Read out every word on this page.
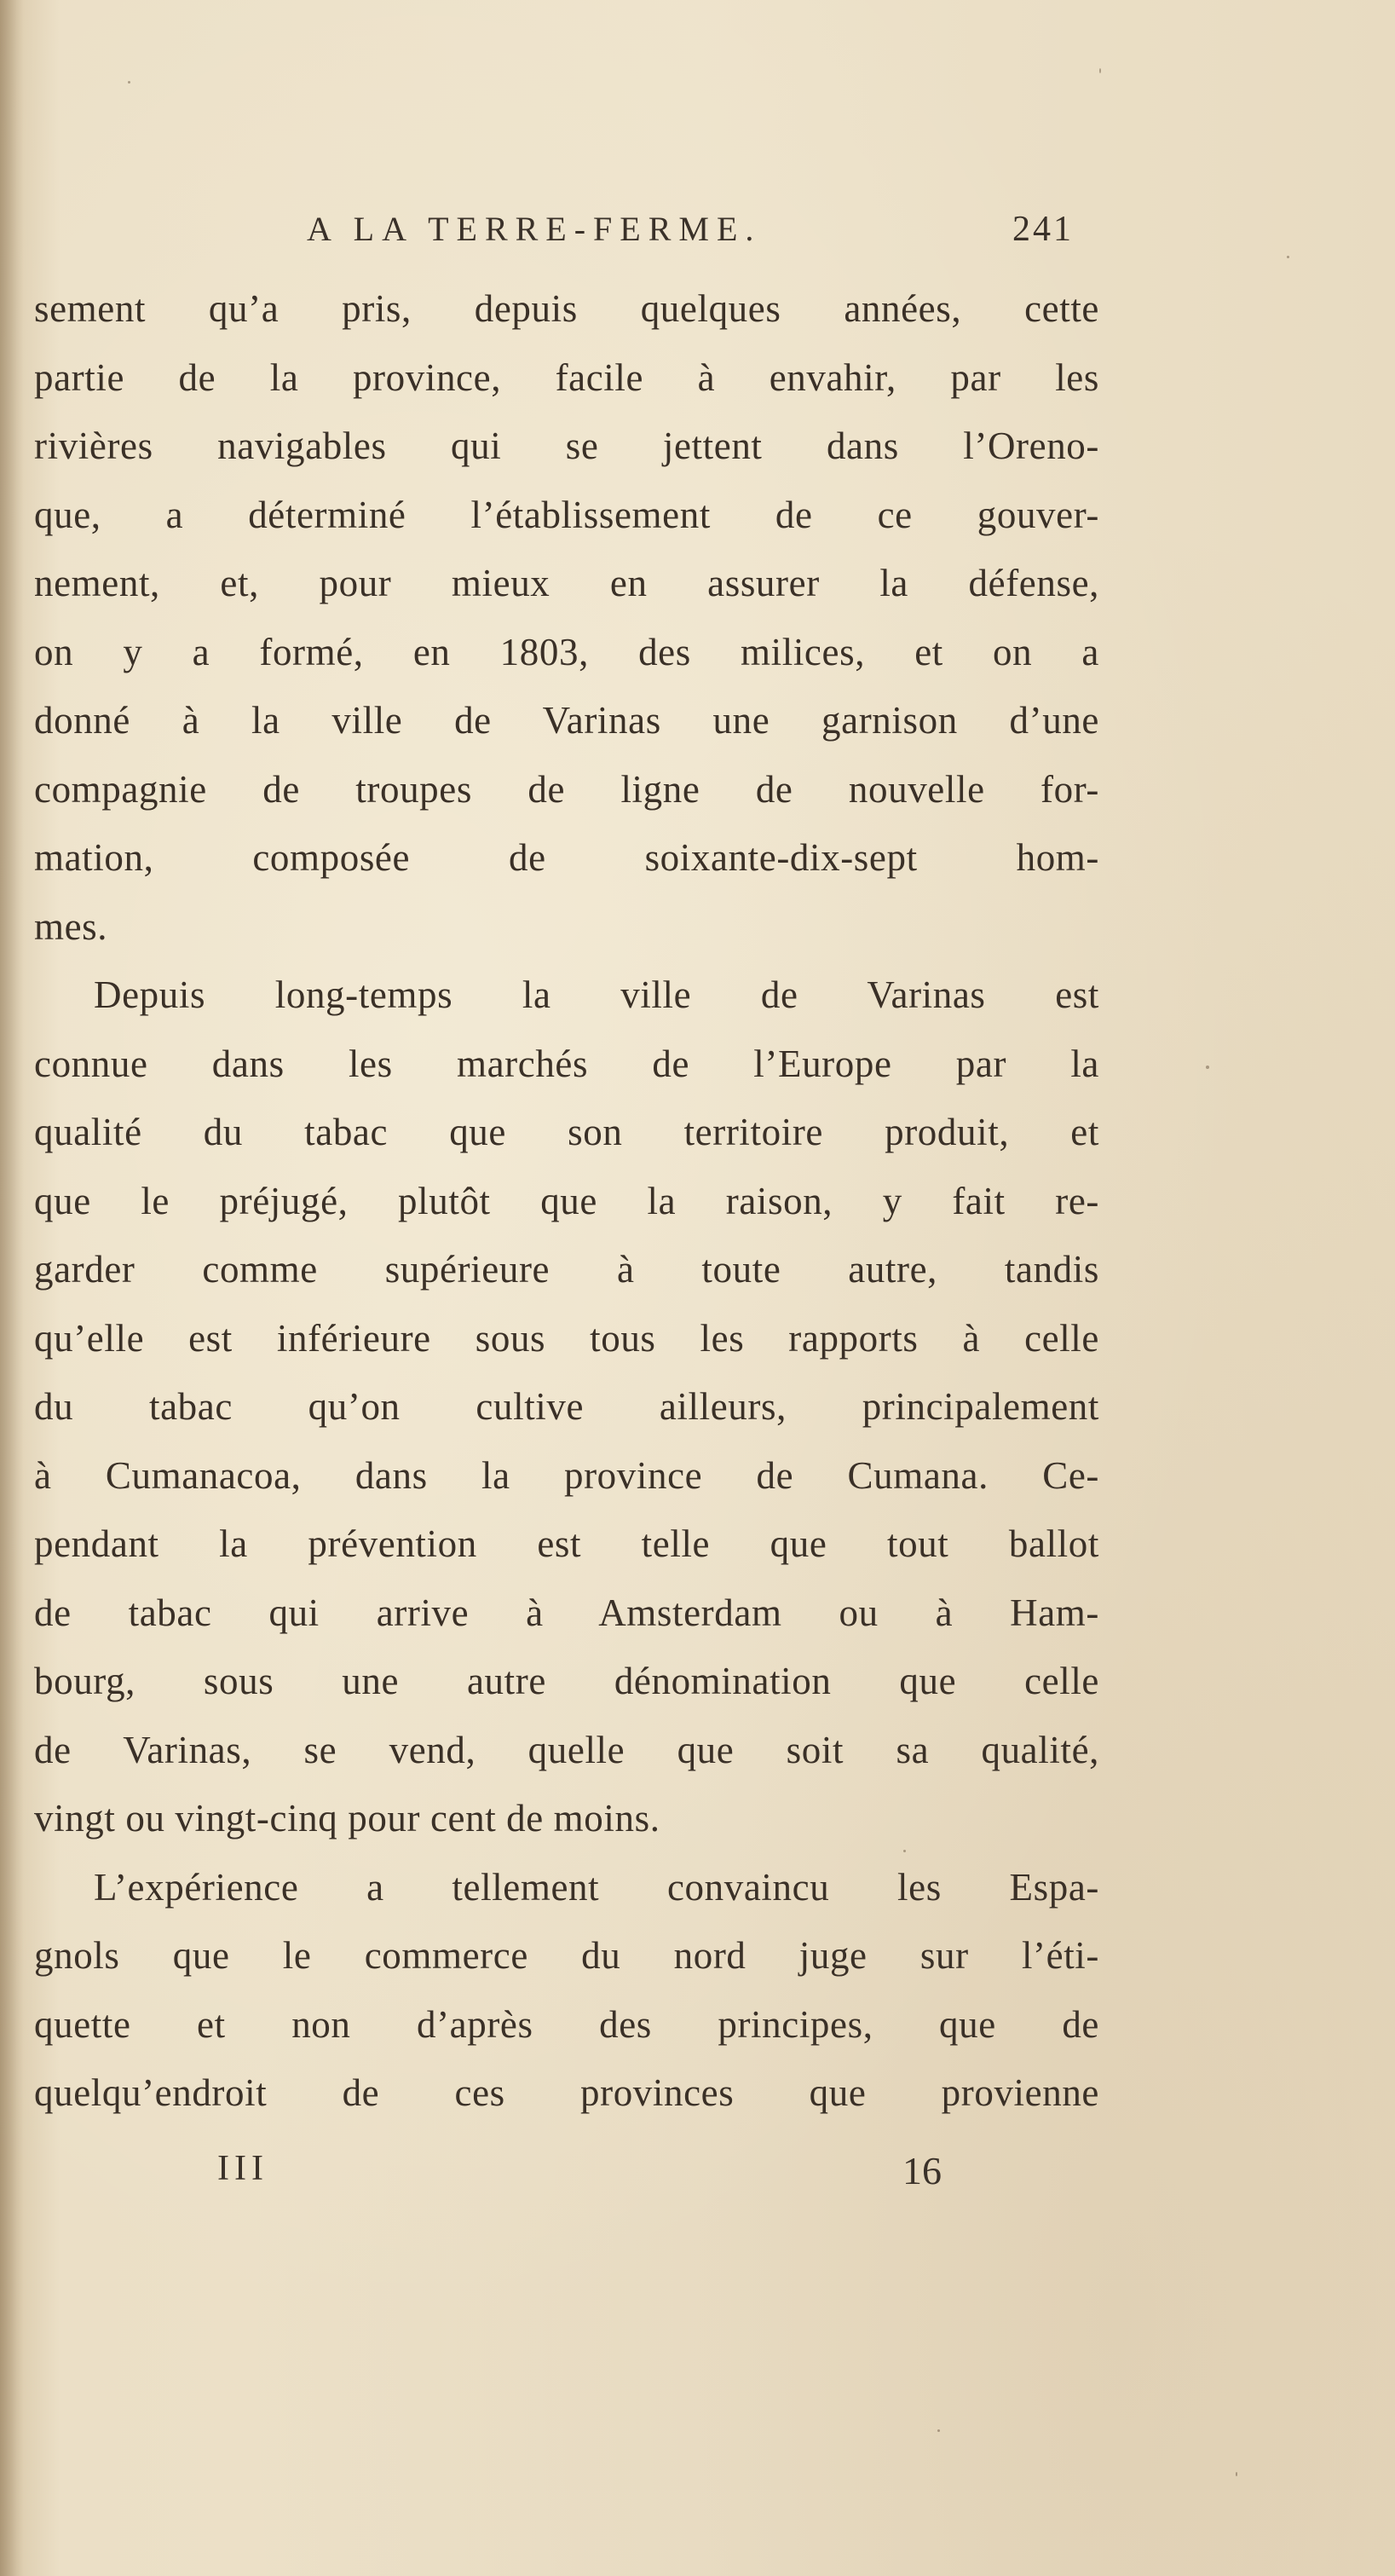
A LA TERRE-FERME.	241
sement qu’a pris, depuis quelques années, cette
partie de la province, facile à envahir, par les
rivières navigables qui se jettent dans l’Oreno-
que, a déterminé l’établissement de ce gouver-
nement, et, pour mieux en assurer la défense,
on y a formé, en 1803, des milices, et on a
donné à la ville de Varinas une garnison d’une
compagnie de troupes de ligne de nouvelle for-
mation, composée de soixante-dix-sept hom-
mes.
Depuis long-temps la ville de Varinas est
connue dans les marchés de l’Europe par la
qualité du tabac que son territoire produit, et
que le préjugé, plutôt que la raison, y fait re-
garder comme supérieure à toute autre, tandis
qu’elle est inférieure sous tous les rapports à celle
du tabac qu’on cultive ailleurs, principalement
à Cumanacoa, dans la province de Cumana. Ce-
pendant la prévention est telle que tout ballot
de tabac qui arrive à Amsterdam ou à Ham-
bourg, sous une autre dénomination que celle
de Varinas, se vend, quelle que soit sa qualité,
vingt ou vingt-cinq pour cent de moins.
L’expérience a tellement convaincu les Espa-
gnols que le commerce du nord juge sur l’éti-
quette et non d’après des principes, que de
quelqu’endroit de ces provinces que provienne
III	16
